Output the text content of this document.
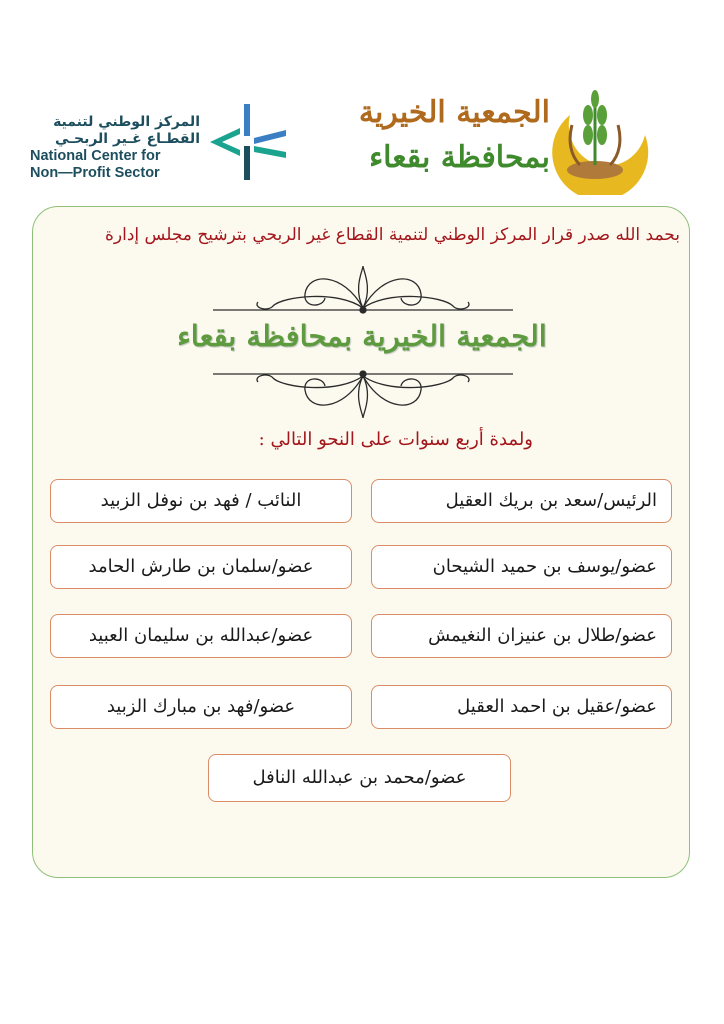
المركز الوطني لتنمية
القطـاع غـير الربحـي
National Center for
Non—Profit Sector
الجمعية الخيرية
بمحافظة بقعاء
بحمد الله صدر قرار المركز الوطني لتنمية القطاع غير الربحي بترشيح مجلس إدارة
الجمعية الخيرية بمحافظة بقعاء
ولمدة أربع سنوات على النحو التالي :
الرئيس/سعد بن بريك العقيل
النائب / فهد بن نوفل الزبيد
عضو/يوسف بن حميد الشيحان
عضو/سلمان بن طارش الحامد
عضو/طلال بن عنيزان النغيمش
عضو/عبدالله بن سليمان العبيد
عضو/عقيل بن احمد العقيل
عضو/فهد بن مبارك الزبيد
عضو/محمد بن عبدالله النافل
